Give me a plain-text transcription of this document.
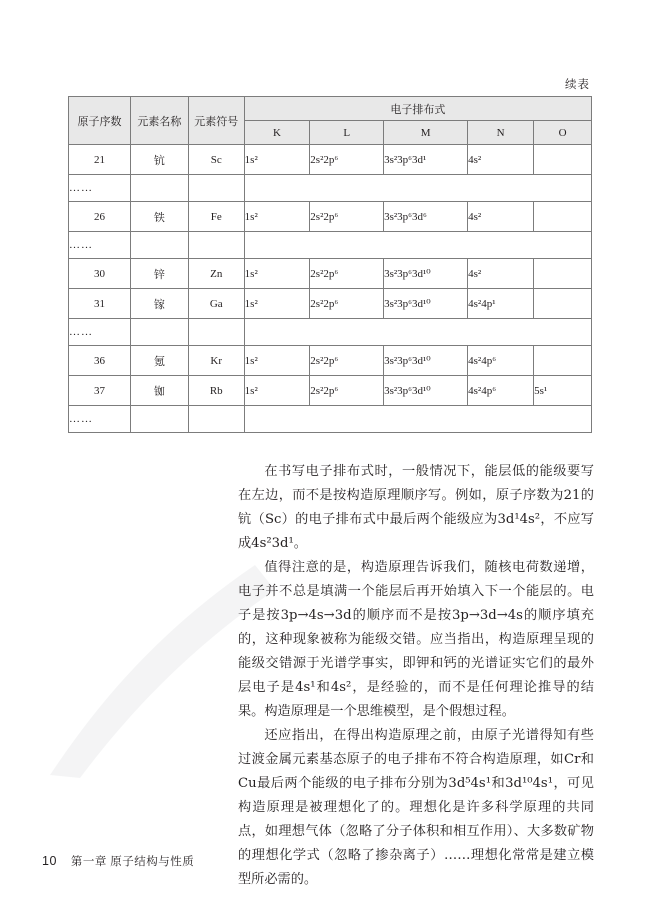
续表
原子序数	元素名称	元素符号	电子排布式				
			K	L	M	N	O
21	钪	Sc	1s²	2s²2p⁶	3s²3p⁶3d¹	4s²	
……							
26	铁	Fe	1s²	2s²2p⁶	3s²3p⁶3d⁶	4s²	
……							
30	锌	Zn	1s²	2s²2p⁶	3s²3p⁶3d¹⁰	4s²	
31	镓	Ga	1s²	2s²2p⁶	3s²3p⁶3d¹⁰	4s²4p¹	
……							
36	氪	Kr	1s²	2s²2p⁶	3s²3p⁶3d¹⁰	4s²4p⁶	
37	铷	Rb	1s²	2s²2p⁶	3s²3p⁶3d¹⁰	4s²4p⁶	5s¹
……							

在书写电子排布式时，一般情况下，能层低的能级要写在左边，而不是按构造原理顺序写。例如，原子序数为21的钪（Sc）的电子排布式中最后两个能级应为3d¹4s²，不应写成4s²3d¹。

值得注意的是，构造原理告诉我们，随核电荷数递增，电子并不总是填满一个能层后再开始填入下一个能层的。电子是按3p→4s→3d的顺序而不是按3p→3d→4s的顺序填充的，这种现象被称为能级交错。应当指出，构造原理呈现的能级交错源于光谱学事实，即钾和钙的光谱证实它们的最外层电子是4s¹和4s²，是经验的，而不是任何理论推导的结果。构造原理是一个思维模型，是个假想过程。

还应指出，在得出构造原理之前，由原子光谱得知有些过渡金属元素基态原子的电子排布不符合构造原理，如Cr和Cu最后两个能级的电子排布分别为3d⁵4s¹和3d¹⁰4s¹，可见构造原理是被理想化了的。理想化是许多科学原理的共同点，如理想气体（忽略了分子体积和相互作用）、大多数矿物的理想化学式（忽略了掺杂离子）……理想化常常是建立模型所必需的。

10 第一章 原子结构与性质
